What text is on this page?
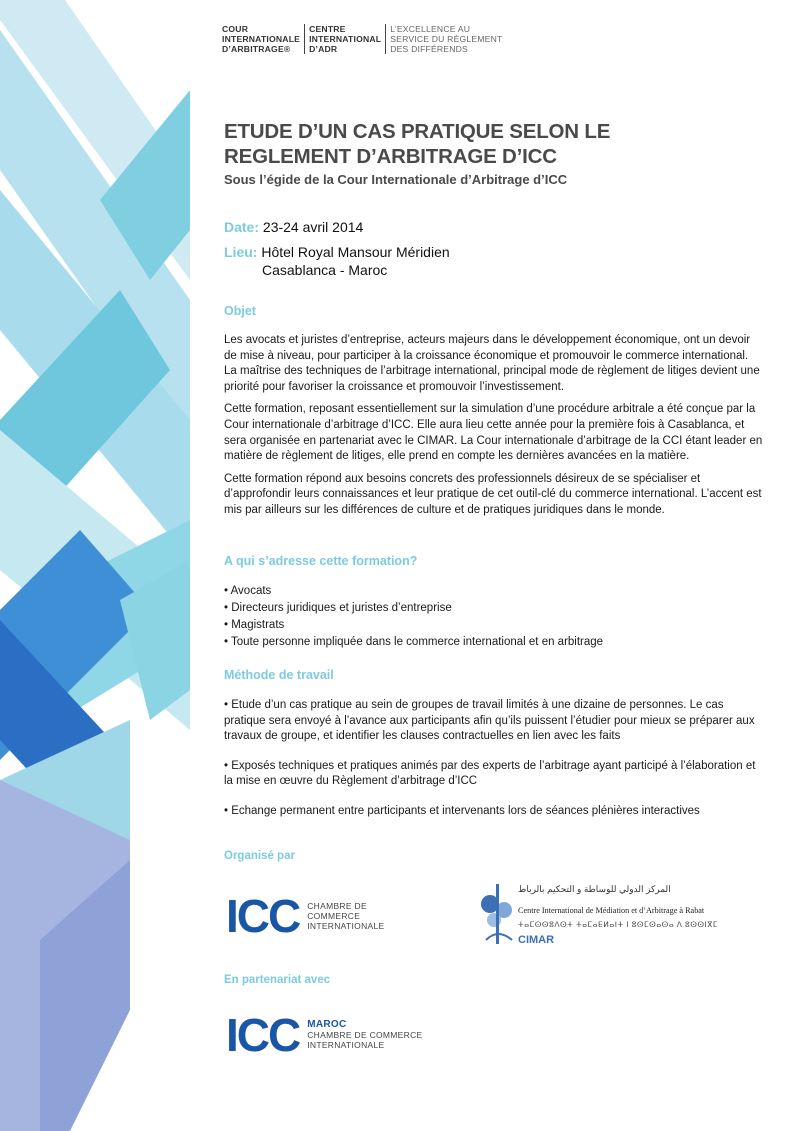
COUR
INTERNATIONALE
D’ARBITRAGE®
CENTRE
INTERNATIONAL
D’ADR
L’EXCELLENCE AU
SERVICE DU RÈGLEMENT
DES DIFFÉRENDS
ETUDE D’UN CAS PRATIQUE SELON LE
REGLEMENT D’ARBITRAGE D’ICC
Sous l’égide de la Cour Internationale d’Arbitrage d’ICC
Date: 23-24 avril 2014
Lieu: Hôtel Royal Mansour Méridien
Casablanca - Maroc
Objet

Les avocats et juristes d’entreprise, acteurs majeurs dans le développement économique, ont un devoir de mise à niveau, pour participer à la croissance économique et promouvoir le commerce international. La maîtrise des techniques de l’arbitrage international, principal mode de règlement de litiges devient une priorité pour favoriser la croissance et promouvoir l’investissement.

Cette formation, reposant essentiellement sur la simulation d’une procédure arbitrale a été conçue par la Cour internationale d’arbitrage d’ICC. Elle aura lieu cette année pour la première fois à Casablanca, et sera organisée en partenariat avec le CIMAR. La Cour internationale d’arbitrage de la CCI étant leader en matière de règlement de litiges, elle prend en compte les dernières avancées en la matière.

Cette formation répond aux besoins concrets des professionnels désireux de se spécialiser et d’approfondir leurs connaissances et leur pratique de cet outil-clé du commerce international. L’accent est mis par ailleurs sur les différences de culture et de pratiques juridiques dans le monde.

A qui s’adresse cette formation?
• Avocats
• Directeurs juridiques et juristes d’entreprise
• Magistrats
• Toute personne impliquée dans le commerce international et en arbitrage
Méthode de travail

• Etude d’un cas pratique au sein de groupes de travail limités à une dizaine de personnes. Le cas pratique sera envoyé à l’avance aux participants afin qu’ils puissent l’étudier pour mieux se préparer aux travaux de groupe, et identifier les clauses contractuelles en lien avec les faits

• Exposés techniques et pratiques animés par des experts de l’arbitrage ayant participé à l’élaboration et la mise en œuvre du Règlement d’arbitrage d’ICC

• Echange permanent entre participants et intervenants lors de séances plénières interactives

Organisé par
ICC CHAMBRE DE
COMMERCE
INTERNATIONALE
المركز الدولي للوساطة و التحكيم بالرباط
Centre International de Médiation et d’Arbitrage à Rabat
ⵜⴰⵎⵙⵙⵓⴷⵙⵜ ⵜⴰⵎⴰⴹⵍⴰⵏⵜ ⵏ ⵓⵙⵎⵙⴰⵙⴰ ⴷ ⵓⵙⵙⵏⴳⵎ
CIMAR
En partenariat avec
ICC MAROC
CHAMBRE DE COMMERCE
INTERNATIONALE
